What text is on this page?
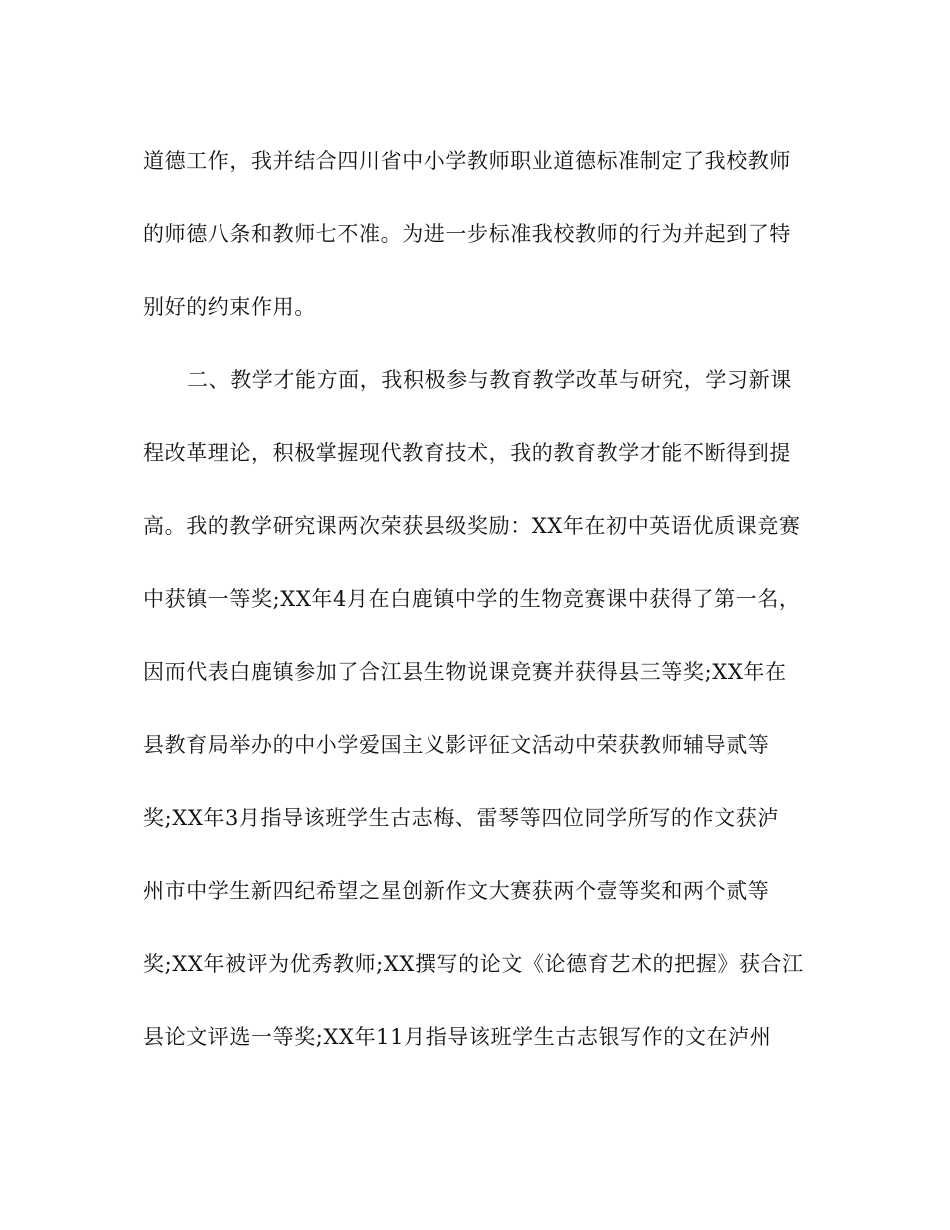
道德工作，我并结合四川省中小学教师职业道德标准制定了我校教师
的师德八条和教师七不准。为进一步标准我校教师的行为并起到了特
别好的约束作用。
二、教学才能方面，我积极参与教育教学改革与研究，学习新课
程改革理论，积极掌握现代教育技术，我的教育教学才能不断得到提
高。我的教学研究课两次荣获县级奖励：XX年在初中英语优质课竞赛
中获镇一等奖;XX年4月在白鹿镇中学的生物竞赛课中获得了第一名，
因而代表白鹿镇参加了合江县生物说课竞赛并获得县三等奖;XX年在
县教育局举办的中小学爱国主义影评征文活动中荣获教师辅导贰等
奖;XX年3月指导该班学生古志梅、雷琴等四位同学所写的作文获泸
州市中学生新四纪希望之星创新作文大赛获两个壹等奖和两个贰等
奖;XX年被评为优秀教师;XX撰写的论文《论德育艺术的把握》获合江
县论文评选一等奖;XX年11月指导该班学生古志银写作的文在泸州
